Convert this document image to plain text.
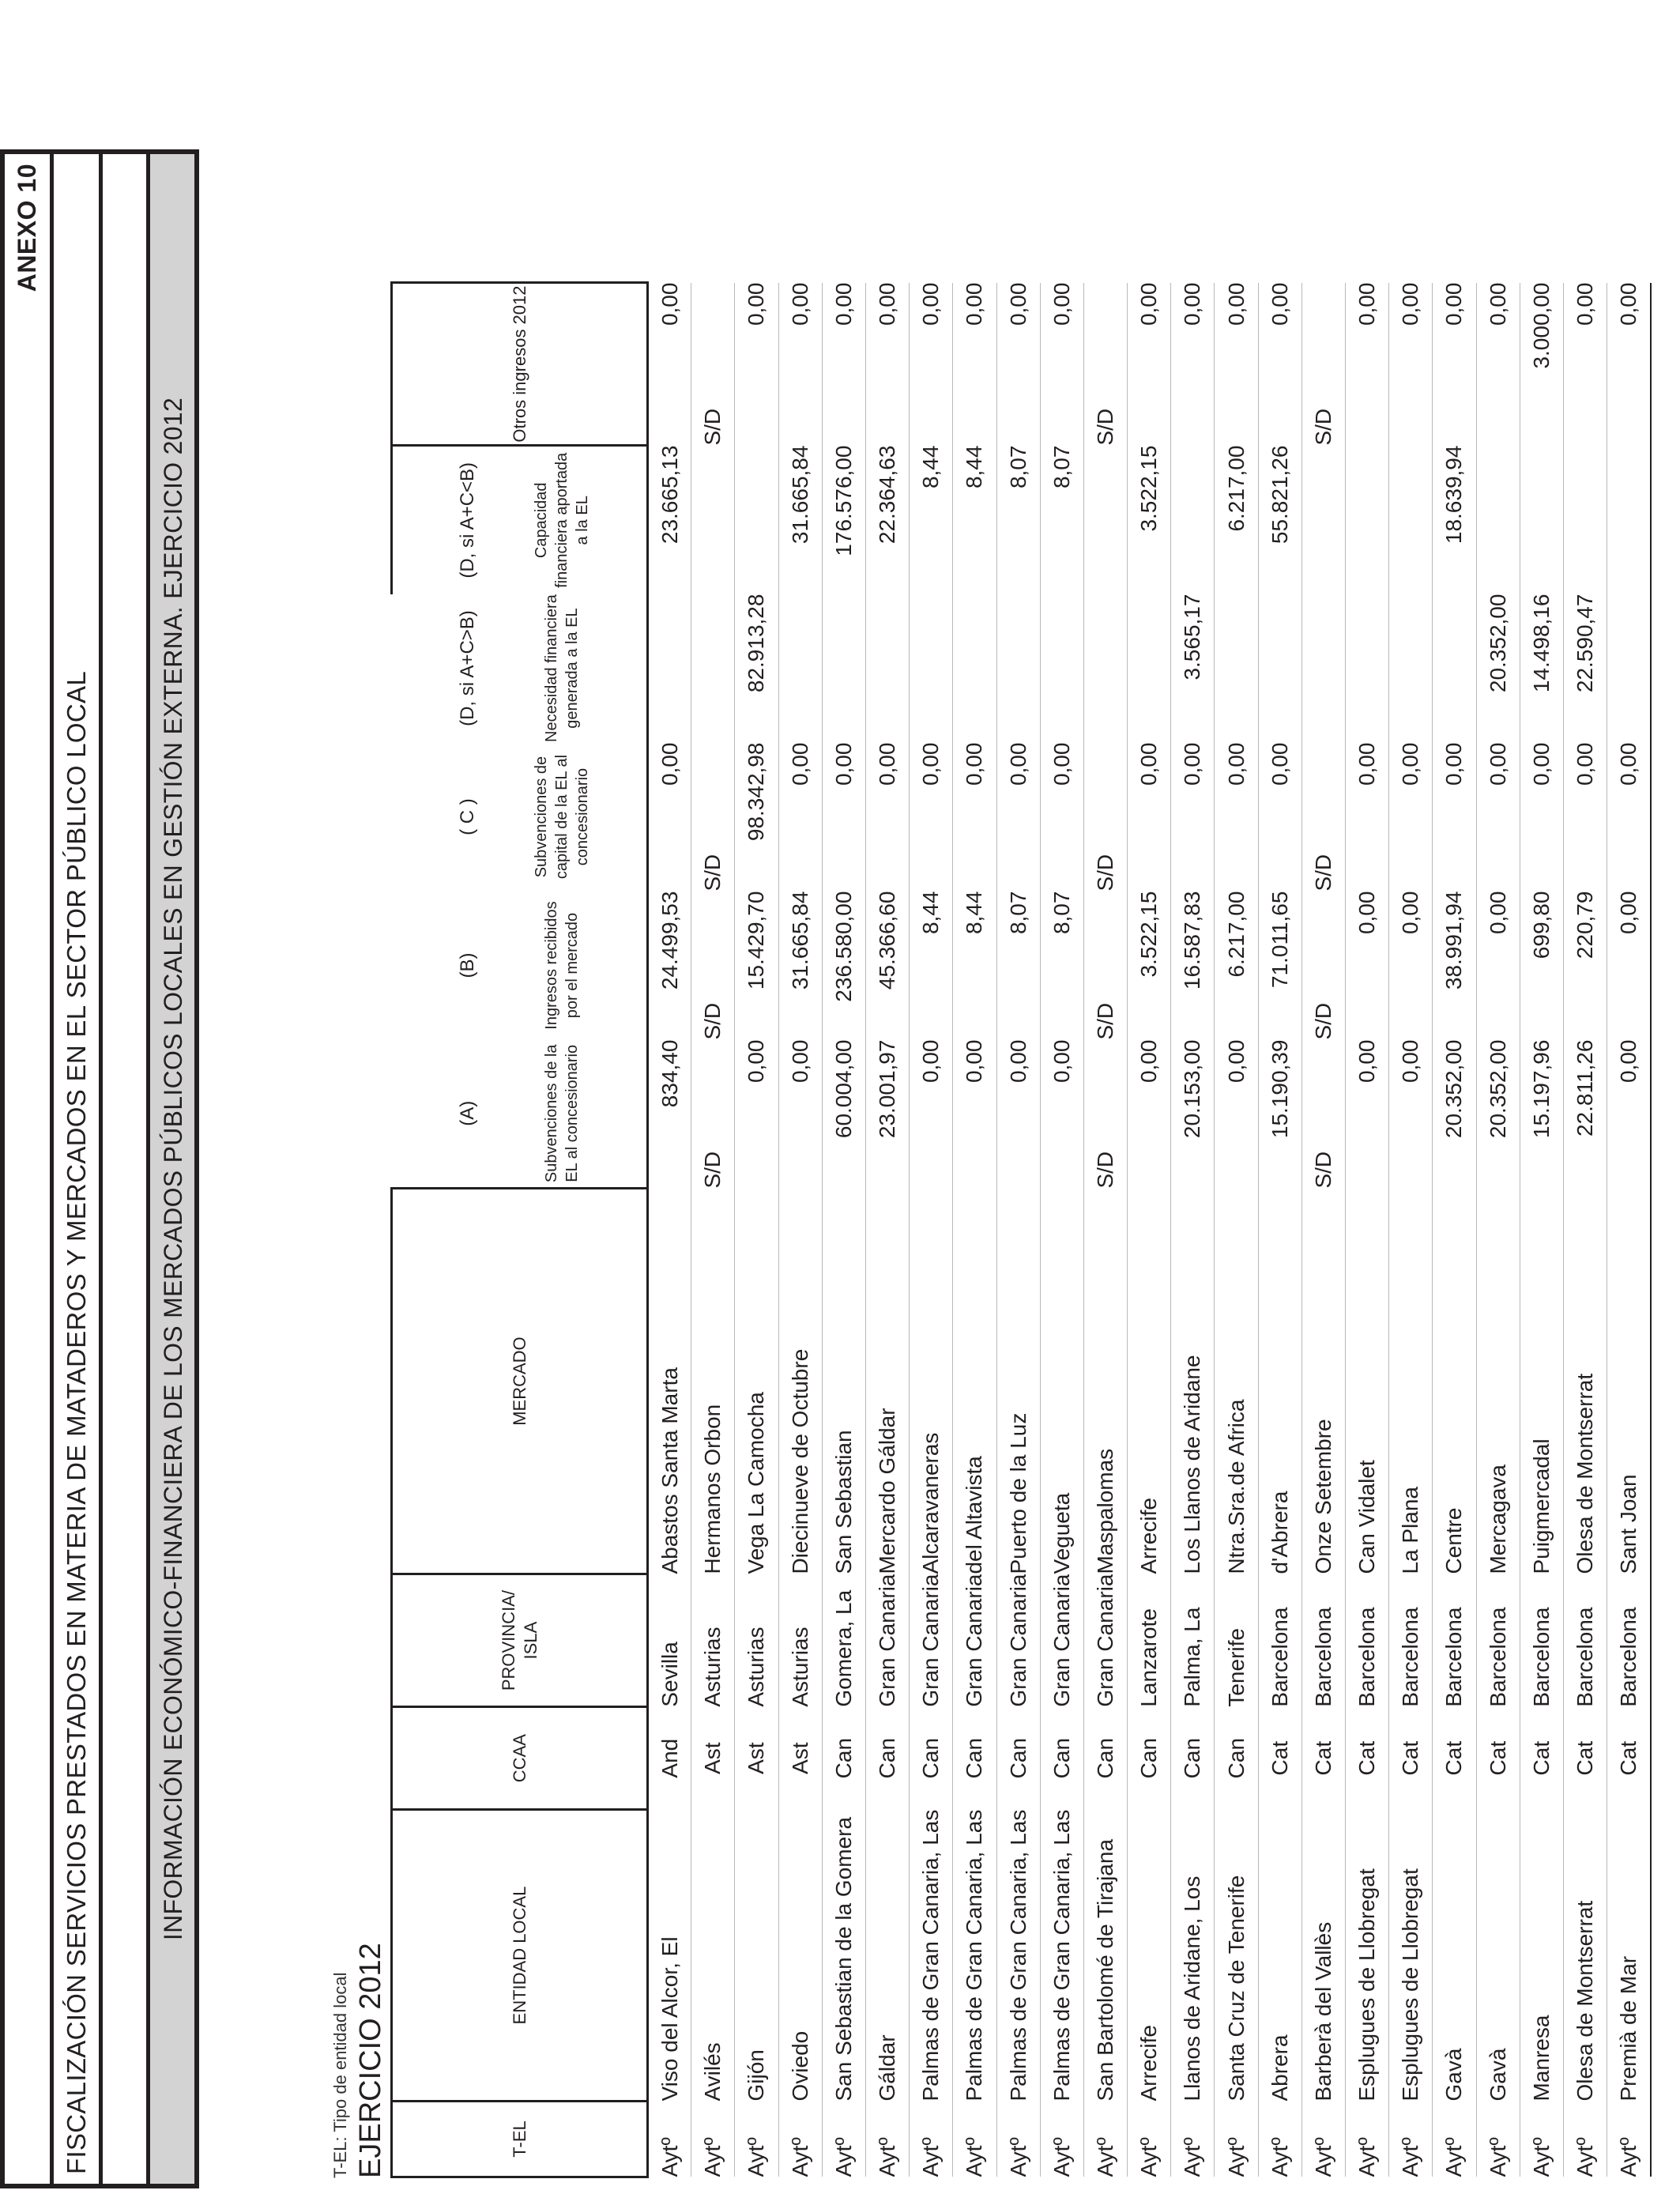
ANEXO 10
FISCALIZACIÓN SERVICIOS PRESTADOS EN MATERIA DE MATADEROS Y MERCADOS EN EL SECTOR PÚBLICO LOCAL	INFORMACIÓN ECONÓMICO-FINANCIERA DE LOS MERCADOS PÚBLICOS LOCALES EN GESTIÓN EXTERNA. EJERCICIO 2012
T-EL: Tipo de entidad local EJERCICIO 2012	T-EL	ENTIDAD LOCAL	CCAA	PROVINCIA/ ISLA	MERCADO	(A)	(B)	( C )	(D, si A+C>B)	(D, si A+C<B)	Otros ingresos 2012
					Subvenciones de la EL al concesionario	Ingresos recibidos por el mercado	Subvenciones de capital de la EL al concesionario	Necesidad financiera generada a la EL	Capacidad financiera aportada a la EL	
Aytº	Viso del Alcor, El	And	Sevilla	Abastos Santa Marta	834,40	24.499,53	0,00		23.665,13	0,00
Aytº	Avilés	Ast	Asturias	Hermanos Orbon	S/D	S/D	S/D			S/D
Aytº	Gijón	Ast	Asturias	Vega La Camocha	0,00	15.429,70	98.342,98	82.913,28		0,00
Aytº	Oviedo	Ast	Asturias	Diecinueve de Octubre	0,00	31.665,84	0,00		31.665,84	0,00
Aytº	San Sebastian de la Gomera	Can	Gomera, La	San Sebastian	60.004,00	236.580,00	0,00		176.576,00	0,00
Aytº	Gáldar	Can	Gran Canaria	Mercardo Gáldar	23.001,97	45.366,60	0,00		22.364,63	0,00
Aytº	Palmas de Gran Canaria, Las	Can	Gran Canaria	Alcaravaneras	0,00	8,44	0,00		8,44	0,00
Aytº	Palmas de Gran Canaria, Las	Can	Gran Canaria	del Altavista	0,00	8,44	0,00		8,44	0,00
Aytº	Palmas de Gran Canaria, Las	Can	Gran Canaria	Puerto de la Luz	0,00	8,07	0,00		8,07	0,00
Aytº	Palmas de Gran Canaria, Las	Can	Gran Canaria	Vegueta	0,00	8,07	0,00		8,07	0,00
Aytº	San Bartolomé de Tirajana	Can	Gran Canaria	Maspalomas	S/D	S/D	S/D			S/D
Aytº	Arrecife	Can	Lanzarote	Arrecife	0,00	3.522,15	0,00		3.522,15	0,00
Aytº	Llanos de Aridane, Los	Can	Palma, La	Los Llanos de Aridane	20.153,00	16.587,83	0,00	3.565,17		0,00
Aytº	Santa Cruz de Tenerife	Can	Tenerife	Ntra.Sra.de Africa	0,00	6.217,00	0,00		6.217,00	0,00
Aytº	Abrera	Cat	Barcelona	d'Abrera	15.190,39	71.011,65	0,00		55.821,26	0,00
Aytº	Barberà del Vallès	Cat	Barcelona	Onze Setembre	S/D	S/D	S/D			S/D
Aytº	Esplugues de Llobregat	Cat	Barcelona	Can Vidalet	0,00	0,00	0,00			0,00
Aytº	Esplugues de Llobregat	Cat	Barcelona	La Plana	0,00	0,00	0,00			0,00
Aytº	Gavà	Cat	Barcelona	Centre	20.352,00	38.991,94	0,00		18.639,94	0,00
Aytº	Gavà	Cat	Barcelona	Mercagava	20.352,00	0,00	0,00	20.352,00		0,00
Aytº	Manresa	Cat	Barcelona	Puigmercadal	15.197,96	699,80	0,00	14.498,16		3.000,00
Aytº	Olesa de Montserrat	Cat	Barcelona	Olesa de Montserrat	22.811,26	220,79	0,00	22.590,47		0,00
Aytº	Premià de Mar	Cat	Barcelona	Sant Joan	0,00	0,00	0,00			0,00
